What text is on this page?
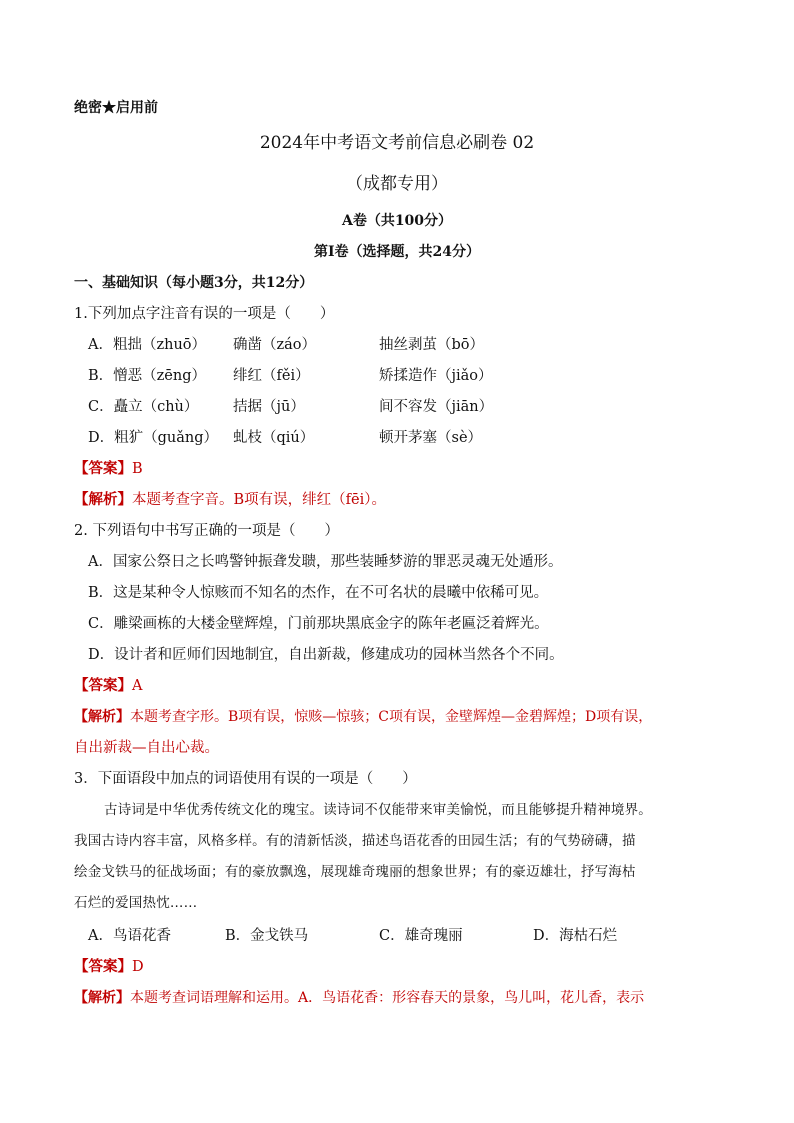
绝密★启用前
2024年中考语文考前信息必刷卷 02
（成都专用）
A卷（共100分）
第Ⅰ卷（选择题，共24分）
一、基础知识（每小题3分，共12分）
1.下列加点字注音有误的一项是（　　）
A．粗拙（zhuō） 确凿（záo）	抽丝剥茧（bō）
B．憎恶（zēng） 绯红（fěi）	矫揉造作（jiǎo）
C．矗立（chù） 拮据（jū）	间不容发（jiān）
D．粗犷（guǎng） 虬枝（qiú）	顿开茅塞（sè）
【答案】B
【解析】本题考查字音。B项有误，绯红（fēi）。
2. 下列语句中书写正确的一项是（　　）
A．国家公祭日之长鸣警钟振聋发聩，那些装睡梦游的罪恶灵魂无处遁形。
B．这是某种令人惊赅而不知名的杰作，在不可名状的晨曦中依稀可见。
C．雕梁画栋的大楼金壁辉煌，门前那块黑底金字的陈年老匾泛着辉光。
D．设计者和匠师们因地制宜，自出新裁，修建成功的园林当然各个不同。
【答案】A
【解析】本题考查字形。B项有误，惊赅—惊骇；C项有误，金壁辉煌—金碧辉煌；D项有误，
自出新裁—自出心裁。
3．下面语段中加点的词语使用有误的一项是（　　）
古诗词是中华优秀传统文化的瑰宝。读诗词不仅能带来审美愉悦，而且能够提升精神境界。
我国古诗内容丰富，风格多样。有的清新恬淡，描述鸟语花香的田园生活；有的气势磅礴，描
绘金戈铁马的征战场面；有的豪放飘逸，展现雄奇瑰丽的想象世界；有的豪迈雄壮，抒写海枯
石烂的爱国热忱……
A．鸟语花香	B．金戈铁马	C．雄奇瑰丽	D．海枯石烂
【答案】D
【解析】本题考查词语理解和运用。A．鸟语花香：形容春天的景象，鸟儿叫，花儿香，表示
